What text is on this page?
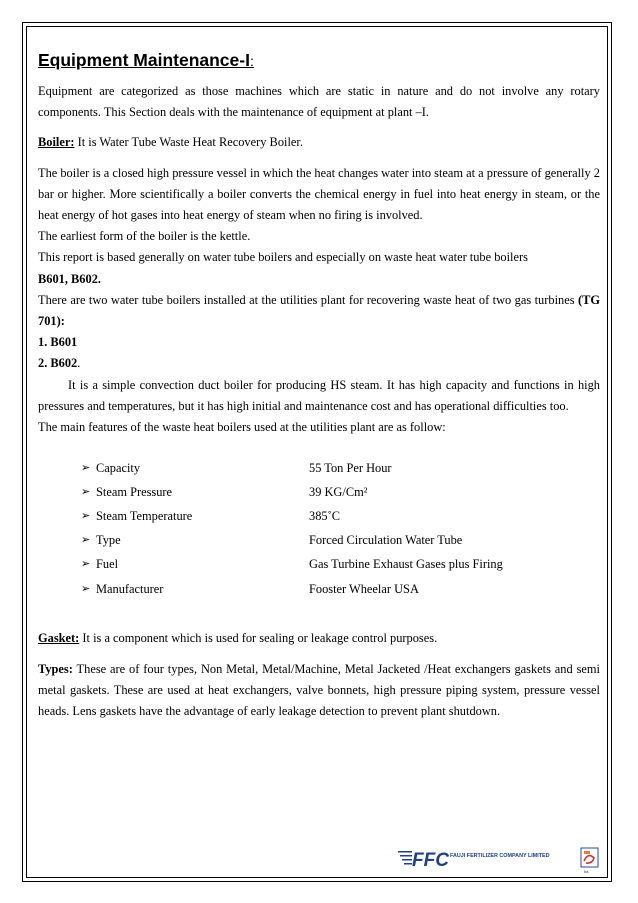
Equipment Maintenance-I:

Equipment are categorized as those machines which are static in nature and do not involve any rotary components. This Section deals with the maintenance of equipment at plant –I.

Boiler: It is Water Tube Waste Heat Recovery Boiler.

The boiler is a closed high pressure vessel in which the heat changes water into steam at a pressure of generally 2 bar or higher. More scientifically a boiler converts the chemical energy in fuel into heat energy in steam, or the heat energy of hot gases into heat energy of steam when no firing is involved.

The earliest form of the boiler is the kettle.

This report is based generally on water tube boilers and especially on waste heat water tube boilers
B601, B602.

There are two water tube boilers installed at the utilities plant for recovering waste heat of two gas turbines (TG 701):

1. B601

2. B602.

It is a simple convection duct boiler for producing HS steam. It has high capacity and functions in high pressures and temperatures, but it has high initial and maintenance cost and has operational difficulties too.

The main features of the waste heat boilers used at the utilities plant are as follow:

➢ Capacity	55 Ton Per Hour
➢ Steam Pressure	39 KG/Cm²
➢ Steam Temperature	385˚C
➢ Type	Forced Circulation Water Tube
➢ Fuel	Gas Turbine Exhaust Gases plus Firing
➢ Manufacturer	Fooster Wheelar USA

Gasket: It is a component which is used for sealing or leakage control purposes.

Types: These are of four types, Non Metal, Metal/Machine, Metal Jacketed /Heat exchangers gaskets and semi metal gaskets. These are used at heat exchangers, valve bonnets, high pressure piping system, pressure vessel heads. Lens gaskets have the advantage of early leakage detection to prevent plant shutdown.

FFC FAUJI FERTILIZER COMPANY LIMITED
ba
